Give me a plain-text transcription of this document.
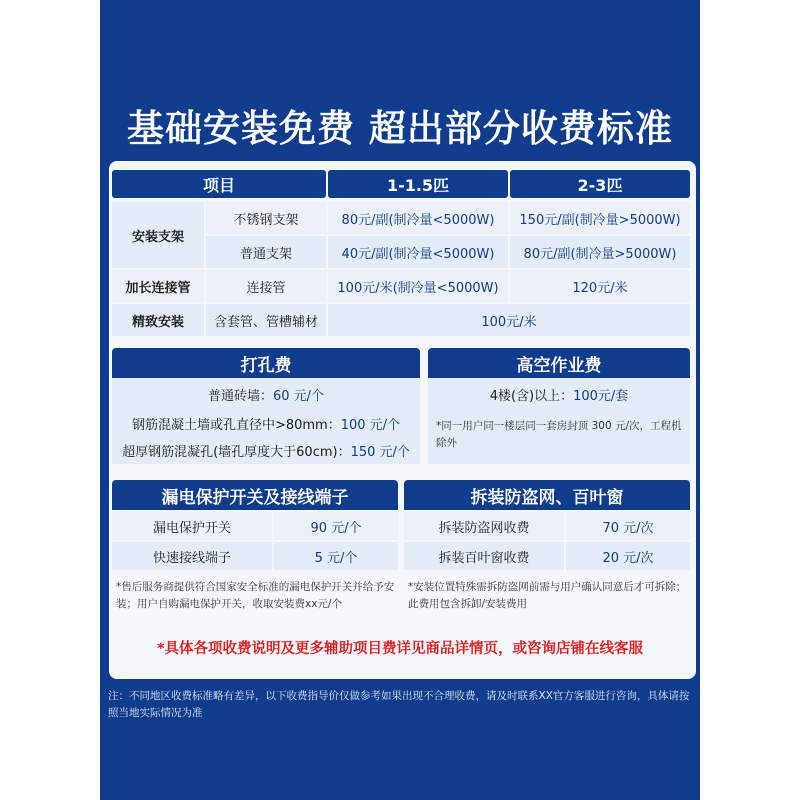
基础安装免费 超出部分收费标准
项目	1-1.5匹	2-3匹
安装支架
不锈钢支架	80元/副(制冷量<5000W)	150元/副(制冷量>5000W)
普通支架	40元/副(制冷量<5000W)	80元/副(制冷量>5000W)
加长连接管	连接管	100元/米(制冷量<5000W)	120元/米
精致安装	含套管、管槽辅材	100元/米
打孔费
普通砖墙： 60 元/个
钢筋混凝土墙或孔直径中>80mm： 100 元/个
超厚钢筋混凝孔(墙孔厚度大于60cm)： 150 元/个
高空作业费
4楼(含)以上： 100元/套
*同一用户同一楼层同一套房封顶 300 元/次，工程机除外
漏电保护开关及接线端子
漏电保护开关	90 元/个
快速接线端子	5 元/个
*售后服务商提供符合国家安全标准的漏电保护开关并给予安装；用户自购漏电保护开关，收取安装费xx元/个
拆装防盗网、百叶窗
拆装防盗网收费	70 元/次
拆装百叶窗收费	20 元/次
*安装位置特殊需拆防盗网前需与用户确认同意后才可拆除；此费用包含拆卸/安装费用
*具体各项收费说明及更多辅助项目费详见商品详情页，或咨询店铺在线客服
注：不同地区收费标准略有差异，以下收费指导价仅做参考如果出现不合理收费，请及时联系XX官方客服进行咨询，具体请按照当地实际情况为准
